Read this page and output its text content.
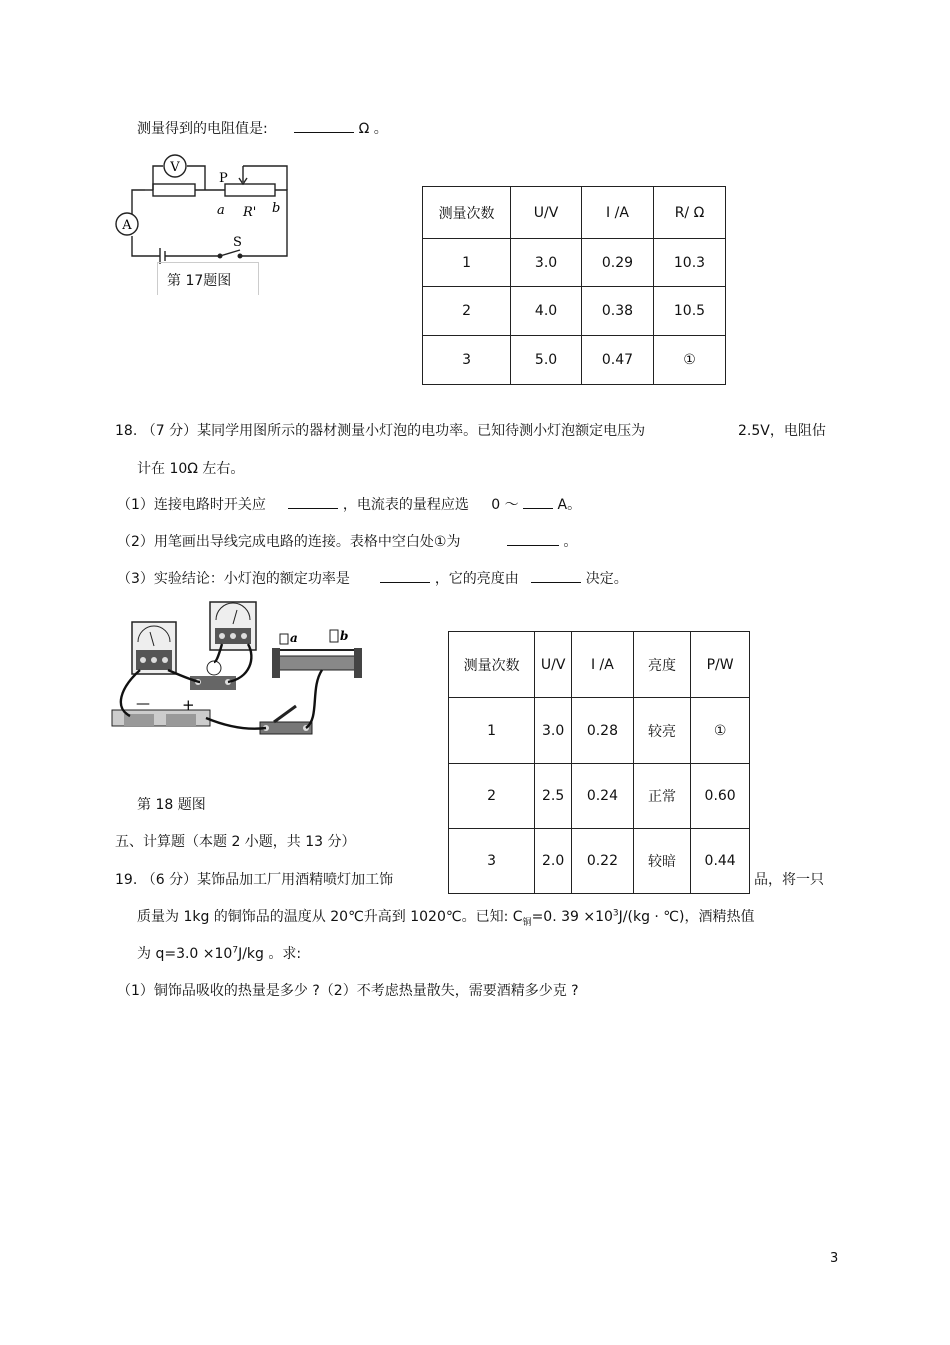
测量得到的电阻值是:	Ω 。
V
A
P
a R' b
S
第 17题图
测量次数	U/V	I /A	R/ Ω
1	3.0	0.29	10.3
2	4.0	0.38	10.5
3	5.0	0.47	①
18. （7 分）某同学用图所示的器材测量小灯泡的电功率。已知待测小灯泡额定电压为	2.5V，电阻估
计在 10Ω 左右。
（1）连接电路时开关应	，电流表的量程应选 0 ～	A。
（2）用笔画出导线完成电路的连接。表格中空白处①为	。
（3）实验结论：小灯泡的额定功率是	，它的亮度由	决定。
a	b
— +
第 18 题图
测量次数	U/V	I /A	亮度	P/W
1	3.0	0.28	较亮	①
2	2.5	0.24	正常	0.60
3	2.0	0.22	较暗	0.44
五、计算题（本题 2 小题，共 13 分）
19. （6 分）某饰品加工厂用酒精喷灯加工饰	品，将一只
质量为 1kg 的铜饰品的温度从 20℃升高到 1020℃。已知: $C_铜=0$. $39 \times 10^3J/(kg$ · ℃)，酒精热值
为 $q=3.0 \times 10^7J/kg$ 。求:
（1）铜饰品吸收的热量是多少 ?（2）不考虑热量散失，需要酒精多少克 ?
3
